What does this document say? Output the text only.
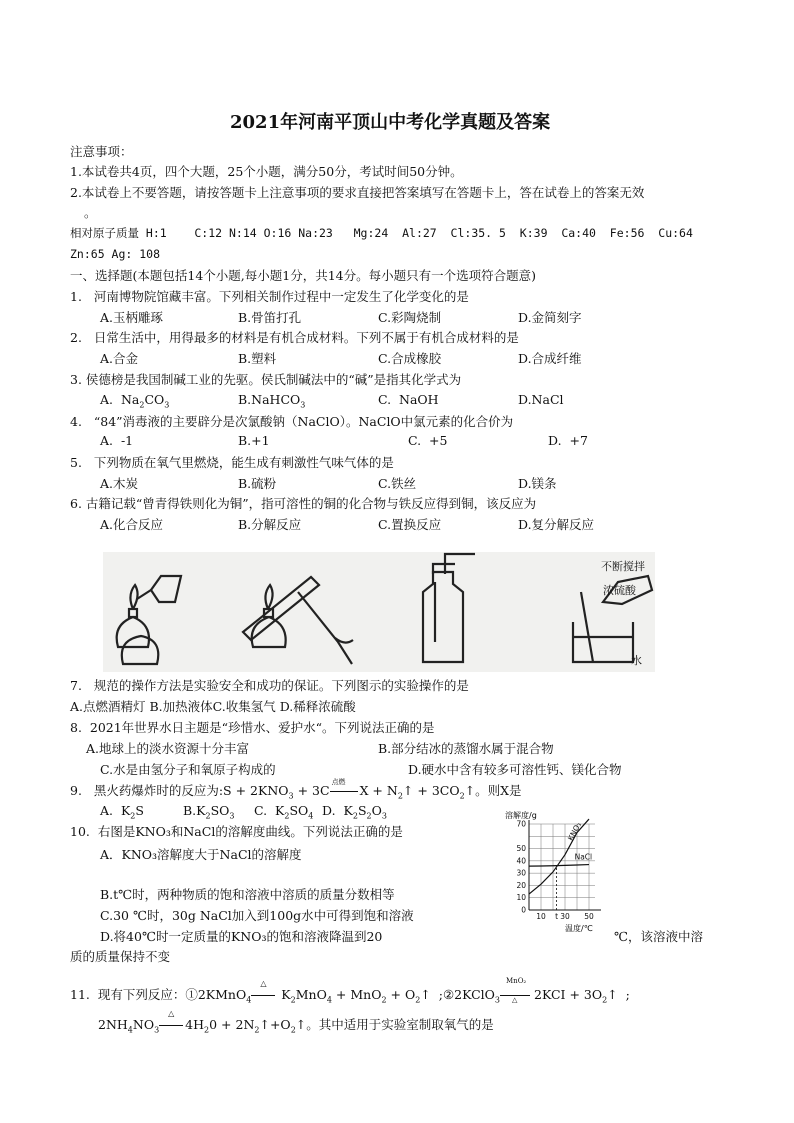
2021年河南平顶山中考化学真题及答案
注意事项：
1.本试卷共4页，四个大题，25个小题，满分50分，考试时间50分钟。
2.本试卷上不要答题，请按答题卡上注意事项的要求直接把答案填写在答题卡上，答在试卷上的答案无效
。
相对原子质量 H:1    C:12 N:14 O:16 Na:23   Mg:24  Al:27  Cl:35. 5  K:39  Ca:40  Fe:56  Cu:64
Zn:65 Ag: 108
一、选择题(本题包括14个小题,每小题1分，共14分。每小题只有一个选项符合题意)
1.   河南博物院馆藏丰富。下列相关制作过程中一定发生了化学变化的是
A.玉柄雕琢	B.骨笛打孔	C.彩陶烧制	D.金简刻字
2.   日常生活中，用得最多的材料是有机合成材料。下列不属于有机合成材料的是
A.合金	B.塑料	C.合成橡胶	D.合成纤维
3. 侯德榜是我国制碱工业的先驱。侯氏制碱法中的“碱”是指其化学式为
A.  $Na_2CO_3$	B.NaHCO$_3$	C.  NaOH	D.NaCl
4.   “84”消毒液的主要辟分是次氯酸钠（NaClO）。NaClO中氯元素的化合价为
A.  -1	B.+1	C.  +5	D.  +7
5.   下列物质在氧气里燃烧，能生成有刺激性气味气体的是
A.木炭	B.硫粉	C.铁丝	D.镁条
6. 古籍记载“曾青得铁则化为铜”，指可溶性的铜的化合物与铁反应得到铜，该反应为
A.化合反应	B.分解反应	C.置换反应	D.复分解反应
不断搅拌
浓硫酸
水
7.   规范的操作方法是实验安全和成功的保证。下列图示的实验操作的是
A.点燃酒精灯 B.加热液体C.收集氢气 D.稀释浓硫酸
8.  2021年世界水日主题是“珍惜水、爱护水“。下列说法正确的是
A.地球上的淡水资源十分丰富	B.部分结冰的蒸馏水属于混合物
C.水是由氢分子和氧原子构成的	D.硬水中含有较多可溶性钙、镁化合物
9.   黑火药爆炸时的反应为:S + $2KNO_3 + 3C$
点燃
$X + N_2↑$ + $3CO_2↑$。则X是
A.  $K_2S$	$B.K_2SO_3$ C.  $K_2SO_4$ D.  $K_2S_2O_3$
10.  右图是KNO₃和NaCl的溶解度曲线。下列说法正确的是
A．KNO₃溶解度大于NaCl的溶解度
B.t℃时，两种物质的饱和溶液中溶质的质量分数相等
C.30 ℃时，30g NaCl加入到100g水中可得到饱和溶液
D.将40℃时一定质量的KNO₃的饱和溶液降温到20	℃，该溶液中溶
质的质量保持不变
溶解度/g
70
50
40
30
20
10
0
10 t 30 50
KNO₃
NaCl
温度/℃
11.  现有下列反应：①2KMnO$_4$
△
$K_2MnO_4 + MnO_2$ + $O_2↑$  ;②2KClO$_3$
MnO₂
△ $2KCI + 3O_2↑$  ;
$2NH_4NO_3$
△
$4H_20$ + $2N_2↑+O_2↑$。其中适用于实验室制取氧气的是
